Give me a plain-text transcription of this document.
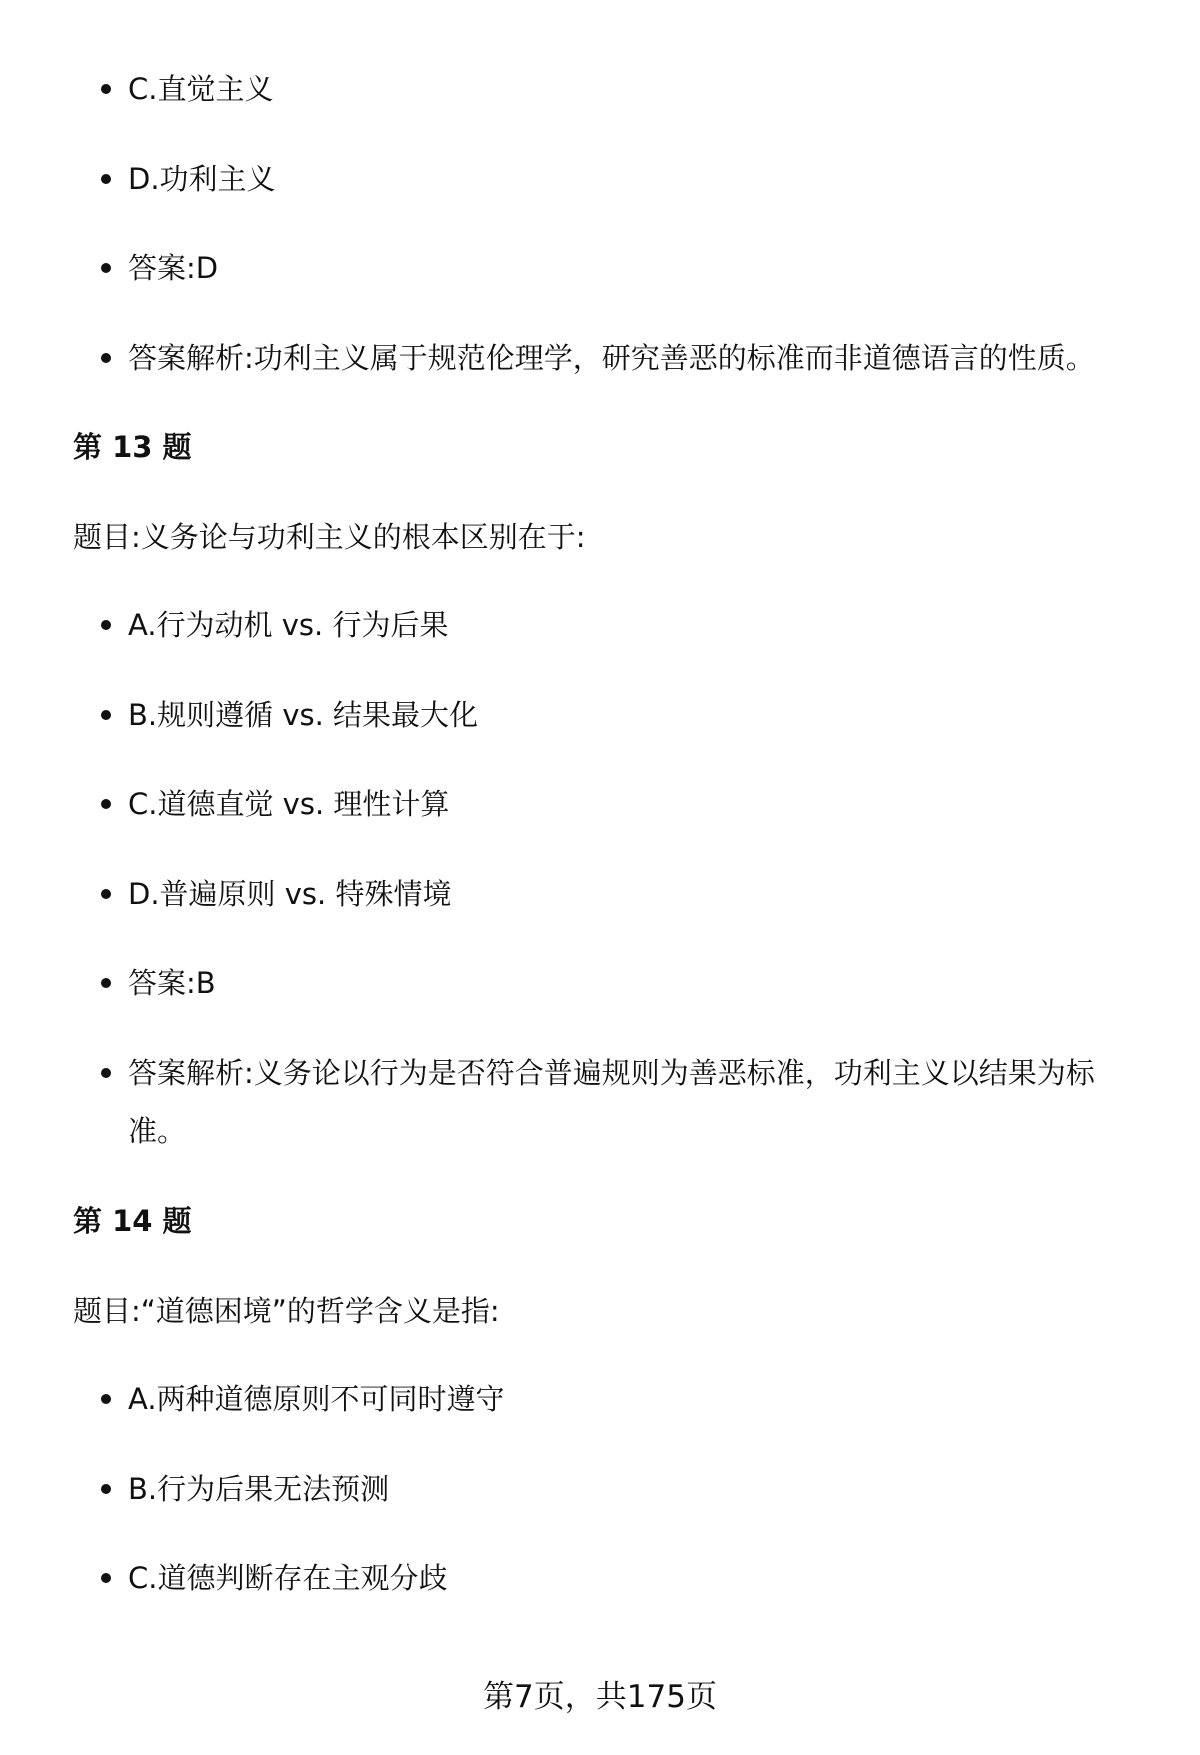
C.直觉主义
D.功利主义
答案:D
答案解析:功利主义属于规范伦理学，研究善恶的标准而非道德语言的性质。
第 13 题
题目:义务论与功利主义的根本区别在于:
A.行为动机 vs. 行为后果
B.规则遵循 vs. 结果最大化
C.道德直觉 vs. 理性计算
D.普遍原则 vs. 特殊情境
答案:B
答案解析:义务论以行为是否符合普遍规则为善恶标准，功利主义以结果为标准。
第 14 题
题目:“道德困境”的哲学含义是指:
A.两种道德原则不可同时遵守
B.行为后果无法预测
C.道德判断存在主观分歧
第7页，共175页
